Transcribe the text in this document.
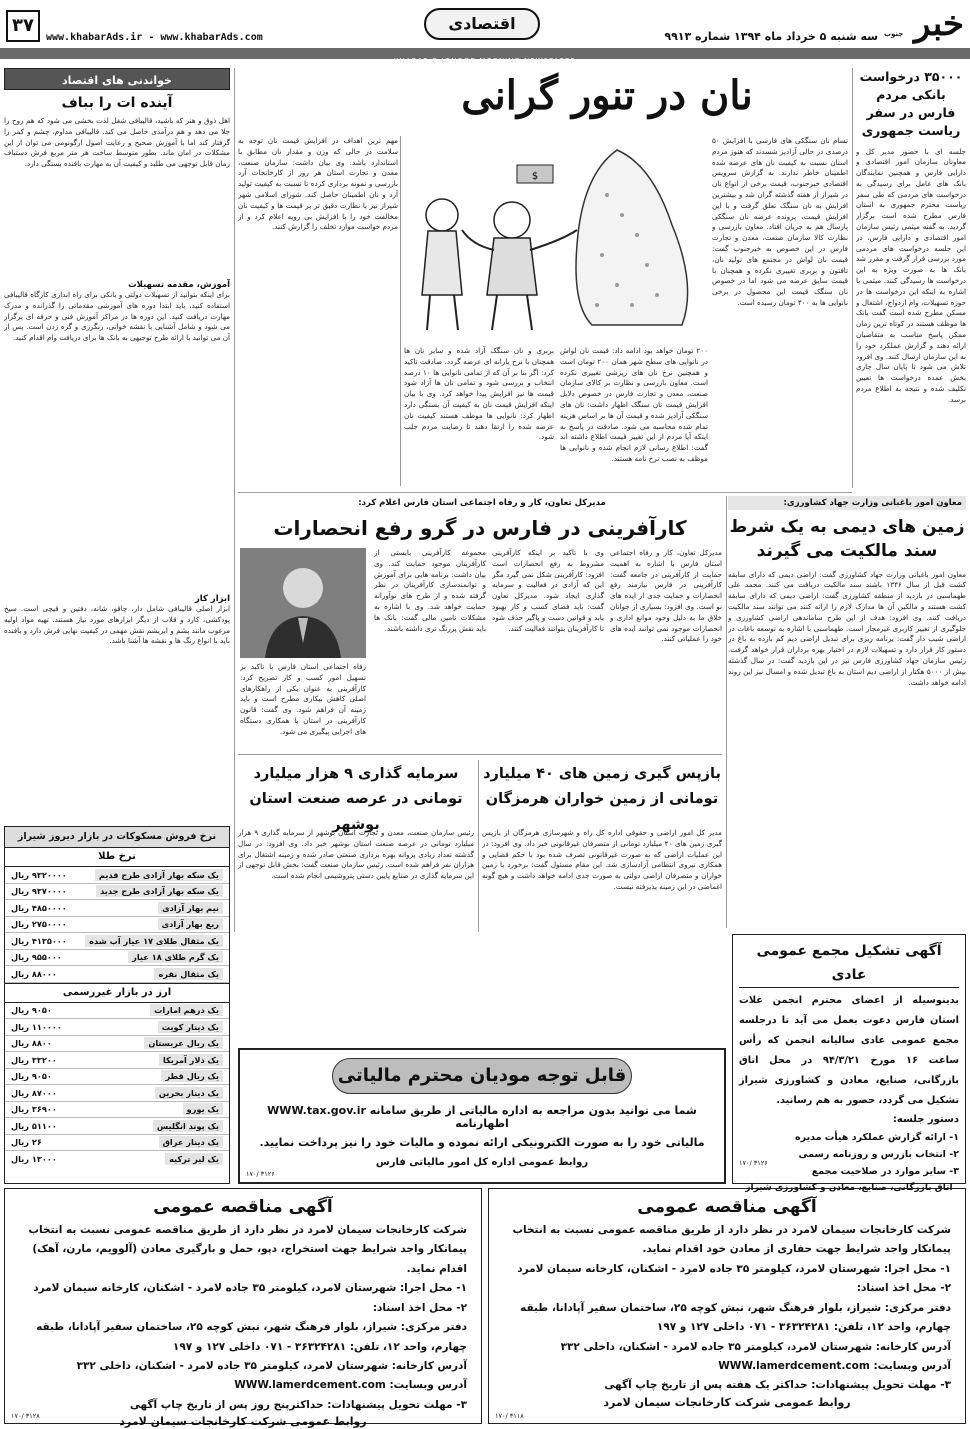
خبر
جنوب
سه شنبه ۵ خرداد ماه ۱۳۹۴ شماره ۹۹۱۳
اقتصادی
www.khabarAds.ir - www.khabarAds.com
۳۷
KHABAR-E-JONOOB MORNING NEWSPAPER
۳۵۰۰۰ درخواست بانکی مردم فارس در سفر ریاست جمهوری
جلسه ای با حضور مدیر کل و معاونان سازمان امور اقتصادی و دارایی فارس و همچنین نمایندگان بانک های عامل برای رسیدگی به درخواست های مردمی که طی سفر ریاست محترم جمهوری به استان فارس مطرح شده است برگزار گردید. به گفته میثمی رئیس سازمان امور اقتصادی و دارایی فارس، در این جلسه درخواست های مردمی مورد بررسی قرار گرفت و مقرر شد بانک ها به صورت ویژه به این درخواست ها رسیدگی کنند. میثمی با اشاره به اینکه این درخواست ها در حوزه تسهیلات، وام ازدواج، اشتغال و مسکن مطرح شده است گفت بانک ها موظف هستند در کوتاه ترین زمان ممکن پاسخ مناسب به متقاضیان ارائه دهند و گزارش عملکرد خود را به این سازمان ارسال کنند. وی افزود تلاش می شود تا پایان سال جاری بخش عمده درخواست ها تعیین تکلیف شده و نتیجه به اطلاع مردم برسد.
نان در تنور گرانی
$
تسام نان سنگکی های فارسی با افزایش ۵۰ درصدی در حالی آزادپز شسدند که هنوز مردم استان نسبت به کیفیت نان های عرضه شده اطمینان خاطر ندارند. به گزارش سرویس اقتصادی خبرجنوب، قیمت برخی از انواع نان در شیراز از هفته گذشته گران شد و بیشترین افزایش به نان سنگک تعلق گرفت و با این افزایش قیمت، پرونده عرضه نان سنگکی پارسال هم به جریان افتاد. معاون بازرسی و نظارت کالا سازمان صنعت، معدن و تجارت فارس در این خصوص به خبرجنوب گفت: قیمت نان لواش در مجتمع های تولید نان، تافتون و بربری تغییری نکرده و همچنان با قیمت سابق عرضه می شود اما در خصوص نان سنگک قیمت این محصول در برخی نانوایی ها به ۴۰۰ تومان رسیده است.
۲۰۰ تومان خواهد بود ادامه داد: قیمت نان لواش در نانوایی های سطح شهر همان ۲۰۰ تومان است و همچنین نرخ نان های ریزشی تغییری نکرده است. معاون بازرسی و نظارت بر کالای سازمان صنعت، معدن و تجارت فارس در خصوص دلایل افزایش قیمت نان سنگک اظهار داشت: نان های سنگکی آزادپز شده و قیمت آن ها بر اساس هزینه تمام شده محاسبه می شود. صادقت در پاسخ به اینکه آیا مردم از این تغییر قیمت اطلاع داشته اند گفت: اطلاع رسانی لازم انجام شده و نانوایی ها موظف به نصب نرخ نامه هستند.
بربری و نان سنگک آزاد شده و سایر نان ها همچنان با نرخ یارانه ای عرضه گردد. صادقت تاکید کرد: اگر بنا بر آن که از تمامی نانوایی ها ۱۰ درصد انتخاب و بررسی شود و تمامی نان ها آزاد شود قیمت ها نیز افزایش پیدا خواهد کرد. وی با بیان اینکه افزایش قیمت نان به کیفیت آن بستگی دارد اظهار کرد: نانوایی ها موظف هستند کیفیت نان عرضه شده را ارتقا دهند تا رضایت مردم جلب شود.
مهم ترین اهداف در افزایش قیمت نان توجه به سلامت در حالی که وزن و مقدار نان مطابق با استاندارد باشد. وی بیان داشت: سازمان صنعت، معدن و تجارت استان هر روز از کارخانجات آرد بازرسی و نمونه برداری کرده تا نسبت به کیفیت تولید آرد و نان اطمینان حاصل کند. شورای اسلامی شهر شیراز نیز با نظارت دقیق تر بر قیمت ها و کیفیت نان مخالفت خود را با افزایش بی رویه اعلام کرد و از مردم خواست موارد تخلف را گزارش کنند.
معاون امور باغبانی وزارت جهاد کشاورزی:
زمین های دیمی به یک شرط سند مالکیت می گیرند
معاون امور باغبانی وزارت جهاد کشاورزی گفت: اراضی دیمی که دارای سابقه کشت قبل از سال ۱۳۴۶ باشند سند مالکیت دریافت می کنند. محمد علی طهماسبی در بازدید از منطقه کشاورزی گفت: اراضی دیمی که دارای سابقه کشت هستند و مالکین آن ها مدارک لازم را ارائه کنند می توانند سند مالکیت دریافت کنند. وی افزود: هدف از این طرح ساماندهی اراضی کشاورزی و جلوگیری از تغییر کاربری غیرمجاز است. طهماسبی با اشاره به توسعه باغات در اراضی شیب دار گفت: برنامه ریزی برای تبدیل اراضی دیم کم بازده به باغ در دستور کار قرار دارد و تسهیلات لازم در اختیار بهره برداران قرار خواهد گرفت. رئیس سازمان جهاد کشاورزی فارس نیز در این بازدید گفت: در سال گذشته بیش از ۵۰۰۰ هکتار از اراضی دیم استان به باغ تبدیل شده و امسال نیز این روند ادامه خواهد داشت.
مدیرکل تعاون، کار و رفاه اجتماعی استان فارس اعلام کرد:
کارآفرینی در فارس در گرو رفع انحصارات
مدیرکل تعاون، کار و رفاه اجتماعی استان فارس با اشاره به اهمیت حمایت از کارآفرینی در جامعه گفت: کارآفرینی در فارس نیازمند رفع انحصارات و حمایت جدی از ایده های نو است. وی افزود: بسیاری از جوانان خلاق ما به دلیل وجود موانع اداری و انحصارات موجود نمی توانند ایده های خود را عملیاتی کنند.
وی با تاکید بر اینکه کارآفرینی مشروط به رفع انحصارات است افزود: کارآفرینی شکل نمی گیرد مگر این که آزادی در فعالیت و سرمایه گذاری ایجاد شود. مدیرکل تعاون گفت: باید فضای کسب و کار بهبود یابد و قوانین دست و پاگیر حذف شود تا کارآفرینان بتوانند فعالیت کنند.
مجموعه کارآفرینی بایستی از کارآفرینان موجود حمایت کند. وی بیان داشت: برنامه هایی برای آموزش و توانمندسازی کارآفرینان در نظر گرفته شده و از طرح های نوآورانه حمایت خواهد شد. وی با اشاره به مشکلات تامین مالی گفت: بانک ها باید نقش پررنگ تری داشته باشند.
رفاه اجتماعی استان فارس با تاکید بر تسهیل امور کسب و کار تصریح کرد: کارآفرینی به عنوان یکی از راهکارهای اصلی کاهش بیکاری مطرح است و باید زمینه آن فراهم شود. وی گفت: قانون کارآفرینی در استان با همکاری دستگاه های اجرایی پیگیری می شود.
بازپس گیری زمین های ۴۰ میلیارد تومانی از زمین خواران هرمزگان
مدیر کل امور اراضی و حقوقی اداره کل راه و شهرسازی هرمزگان از بازپس گیری زمین های ۴۰ میلیارد تومانی از متصرفان غیرقانونی خبر داد. وی افزود: در این عملیات اراضی که به صورت غیرقانونی تصرف شده بود با حکم قضایی و همکاری نیروی انتظامی آزادسازی شد. این مقام مسئول گفت: برخورد با زمین خواران و متصرفان اراضی دولتی به صورت جدی ادامه خواهد داشت و هیچ گونه اغماضی در این زمینه پذیرفته نیست.
سرمایه گذاری ۹ هزار میلیارد تومانی در عرصه صنعت استان بوشهر
رئیس سازمان صنعت، معدن و تجارت استان بوشهر از سرمایه گذاری ۹ هزار میلیارد تومانی در عرصه صنعت استان بوشهر خبر داد. وی افزود: در سال گذشته تعداد زیادی پروانه بهره برداری صنعتی صادر شده و زمینه اشتغال برای هزاران نفر فراهم شده است. رئیس سازمان صنعت گفت: بخش قابل توجهی از این سرمایه گذاری در صنایع پایین دستی پتروشیمی انجام شده است.
خواندنی های اقتصاد
آینده ات را بباف
اهل ذوق و هنر که باشید، قالیبافی شغل لذت بخشی می شود که هم روح را جلا می دهد و هم درآمدی حاصل می کند. قالیبافی مداوم، چشم و کمر را گرفتار کند اما با آموزش صحیح و رعایت اصول ارگونومی می توان از این مشکلات در امان ماند. بطور متوسط ساخت هر متر مربع فرش دستباف زمان قابل توجهی می طلبد و کیفیت آن به مهارت بافنده بستگی دارد.
آموزش، مقدمه تسهیلات
برای اینکه بتوانید از تسهیلات دولتی و بانکی برای راه اندازی کارگاه قالیبافی استفاده کنید، باید ابتدا دوره های آموزشی مقدماتی را گذرانده و مدرک مهارت دریافت کنید. این دوره ها در مراکز آموزش فنی و حرفه ای برگزار می شود و شامل آشنایی با نقشه خوانی، رنگرزی و گره زدن است. پس از آن می توانید با ارائه طرح توجیهی به بانک ها برای دریافت وام اقدام کنید.
ابزار کار
ابزار اصلی قالیبافی شامل دار، چاقو، شانه، دفتین و قیچی است. سیخ پودکشی، کارد و قلاب از دیگر ابزارهای مورد نیاز هستند. تهیه مواد اولیه مرغوب مانند پشم و ابریشم نقش مهمی در کیفیت نهایی فرش دارد و بافنده باید با انواع رنگ ها و نقشه ها آشنا باشد.
نرخ فروش مسکوکات در بازار دیروز شیراز
نرخ طلا
یک سکه بهار آزادی طرح قدیم
۹۳۲۰۰۰۰ ریال
یک سکه بهار آزادی طرح جدید
۹۳۷۰۰۰۰ ریال
نیم بهار آزادی
۴۸۵۰۰۰۰ ریال
ربع بهار آزادی
۲۷۵۰۰۰۰ ریال
یک مثقال طلای ۱۷ عیار آب شده
۴۱۳۵۰۰۰ ریال
یک گرم طلای ۱۸ عیار
۹۵۵۰۰۰ ریال
یک مثقال نقره
۸۸۰۰۰ ریال
ارز در بازار غیررسمی
یک درهم امارات
۹۰۵۰ ریال
یک دینار کویت
۱۱۰۰۰۰ ریال
یک ریال عربستان
۸۸۰۰ ریال
یک دلار آمریکا
۳۳۲۰۰ ریال
یک ریال قطر
۹۰۵۰ ریال
یک دینار بحرین
۸۷۰۰۰ ریال
یک یورو
۳۶۹۰۰ ریال
یک پوند انگلیس
۵۱۱۰۰ ریال
یک دینار عراق
۲۶ ریال
یک لیر ترکیه
۱۳۰۰۰ ریال
آگهی تشکیل مجمع عمومی عادی
بدینوسیله از اعضای محترم انجمن غلات استان فارس دعوت بعمل می آید تا درجلسه مجمع عمومی عادی سالیانه انجمن که رأس ساعت ۱۶ مورخ ۹۴/۳/۲۱ در محل اتاق بازرگانی، صنایع، معادن و کشاورزی شیراز تشکیل می گردد، حضور به هم رسانید.
دستور جلسه:
۱- ارائه گزارش عملکرد هیأت مدیره
۲- انتخاب بازرس و روزنامه رسمی
۳- سایر موارد در صلاحیت مجمع
اتاق بازرگانی، صنایع، معادن و کشاورزی شیراز
۳۱۲۶ /۱۷۰
قابل توجه مودیان محترم مالیاتی
شما می توانید بدون مراجعه به اداره مالیاتی از طریق سامانه WWW.tax.gov.ir اظهارنامه
مالیاتی خود را به صورت الکترونیکی ارائه نموده و مالیات خود را نیز پرداخت نمایید.
روابط عمومی اداره کل امور مالیاتی فارس
۳۱۲۶ /۱۷۰
آگهی مناقصه عمومی
شرکت کارخانجات سیمان لامرد در نظر دارد از طریق مناقصه عمومی نسبت به انتخاب پیمانکار واجد شرایط جهت حفاری از معادن خود اقدام نماید.
۱- محل اجرا: شهرستان لامرد، کیلومتر ۳۵ جاده لامرد - اشکنان، کارخانه سیمان لامرد
۲- محل اخذ اسناد:
دفتر مرکزی: شیراز، بلوار فرهنگ شهر، نبش کوچه ۲۵، ساختمان سفیر آپادانا، طبقه چهارم، واحد ۱۲، تلفن: ۳۶۳۲۴۲۸۱ - ۰۷۱ داخلی ۱۲۷ و ۱۹۷
آدرس کارخانه: شهرستان لامرد، کیلومتر ۳۵ جاده لامرد - اشکنان، داخلی ۳۳۲
آدرس وبسایت: WWW.lamerdcement.com
۳- مهلت تحویل پیشنهادات: حداکثر یک هفته پس از تاریخ چاپ آگهی
روابط عمومی شرکت کارخانجات سیمان لامرد
۳۱۱۸ /۱۷۰
آگهی مناقصه عمومی
شرکت کارخانجات سیمان لامرد در نظر دارد از طریق مناقصه عمومی نسبت به انتخاب پیمانکار واجد شرایط جهت استخراج، دپو، حمل و بارگیری معادن (آلوویم، مارن، آهک) اقدام نماید.
۱- محل اجرا: شهرستان لامرد، کیلومتر ۳۵ جاده لامرد - اشکنان، کارخانه سیمان لامرد
۲- محل اخذ اسناد:
دفتر مرکزی: شیراز، بلوار فرهنگ شهر، نبش کوچه ۲۵، ساختمان سفیر آپادانا، طبقه چهارم، واحد ۱۲، تلفن: ۳۶۳۲۴۲۸۱ - ۰۷۱ داخلی ۱۲۷ و ۱۹۷
آدرس کارخانه: شهرستان لامرد، کیلومتر ۳۵ جاده لامرد - اشکنان، داخلی ۳۳۲
آدرس وبسایت: WWW.lamerdcement.com
۳- مهلت تحویل پیشنهادات: حداکثرپنج روز پس از تاریخ چاپ آگهی
روابط عمومی شرکت کارخانجات سیمان لامرد
۳۱۲۸ /۱۷۰
